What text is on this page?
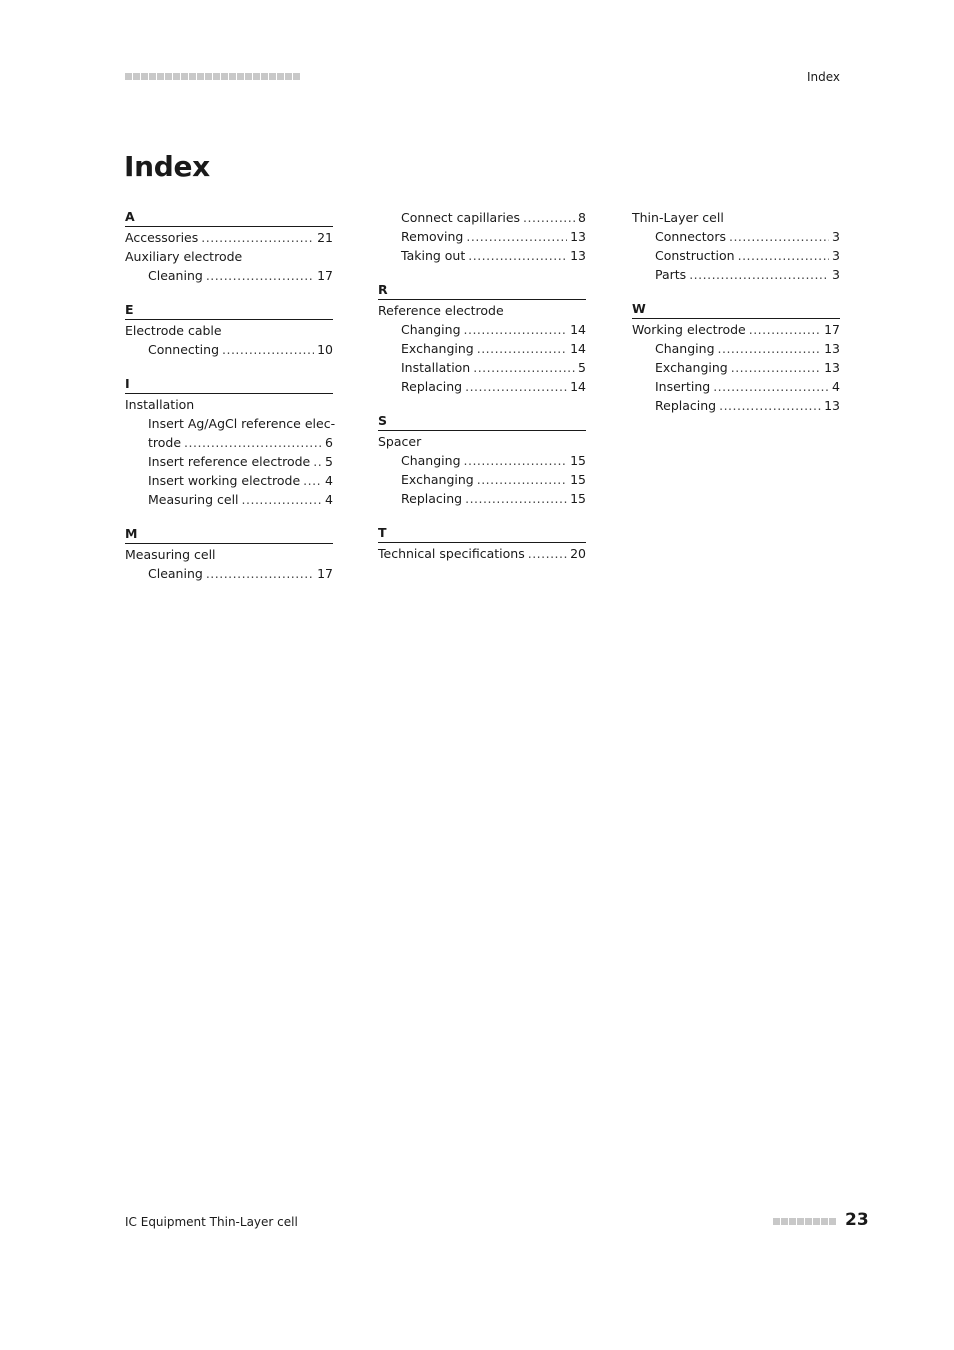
Index
Index
A
Accessories .....	21
Auxiliary electrode
Cleaning .....	17
E
Electrode cable
Connecting .....	10
I
Installation
Insert Ag/AgCl reference elec-
trode .....	6
Insert reference electrode ..... 5
Insert working electrode ..... 4
Measuring cell .....	4
M
Measuring cell
Cleaning .....	17
Connect capillaries .....	8
Removing .....	13
Taking out .....	13
R
Reference electrode
Changing .....	14
Exchanging .....	14
Installation .....	5
Replacing .....	14
S
Spacer
Changing .....	15
Exchanging .....	15
Replacing .....	15
T
Technical specifications .....	20
Thin-Layer cell
Connectors .....	3
Construction .....	3
Parts .....	3
W
Working electrode .....	17
Changing .....	13
Exchanging .....	13
Inserting .....	4
Replacing .....	13
IC Equipment Thin-Layer cell	23
